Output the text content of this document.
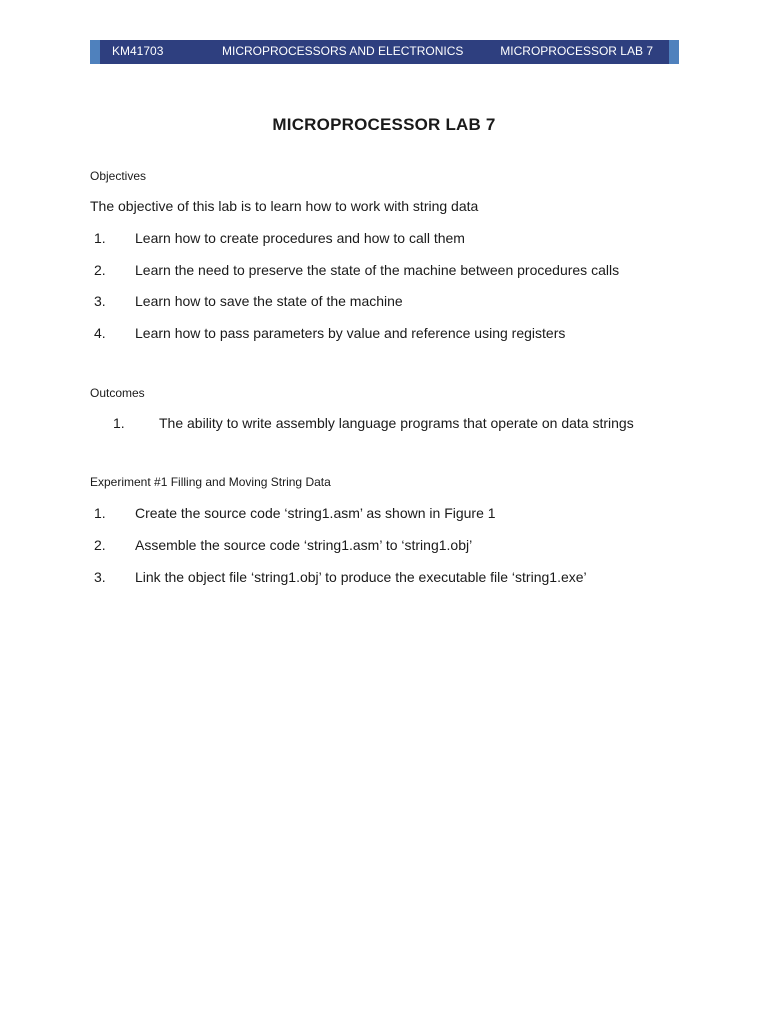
KM41703	MICROPROCESSORS AND ELECTRONICS	MICROPROCESSOR LAB 7
MICROPROCESSOR LAB 7
Objectives
The objective of this lab is to learn how to work with string data
1. Learn how to create procedures and how to call them
2. Learn the need to preserve the state of the machine between procedures calls
3. Learn how to save the state of the machine
4. Learn how to pass parameters by value and reference using registers
Outcomes
1. The ability to write assembly language programs that operate on data strings
Experiment #1 Filling and Moving String Data
1. Create the source code ‘string1.asm’ as shown in Figure 1
2. Assemble the source code ‘string1.asm’ to ‘string1.obj’
3. Link the object file ‘string1.obj’ to produce the executable file ‘string1.exe’
